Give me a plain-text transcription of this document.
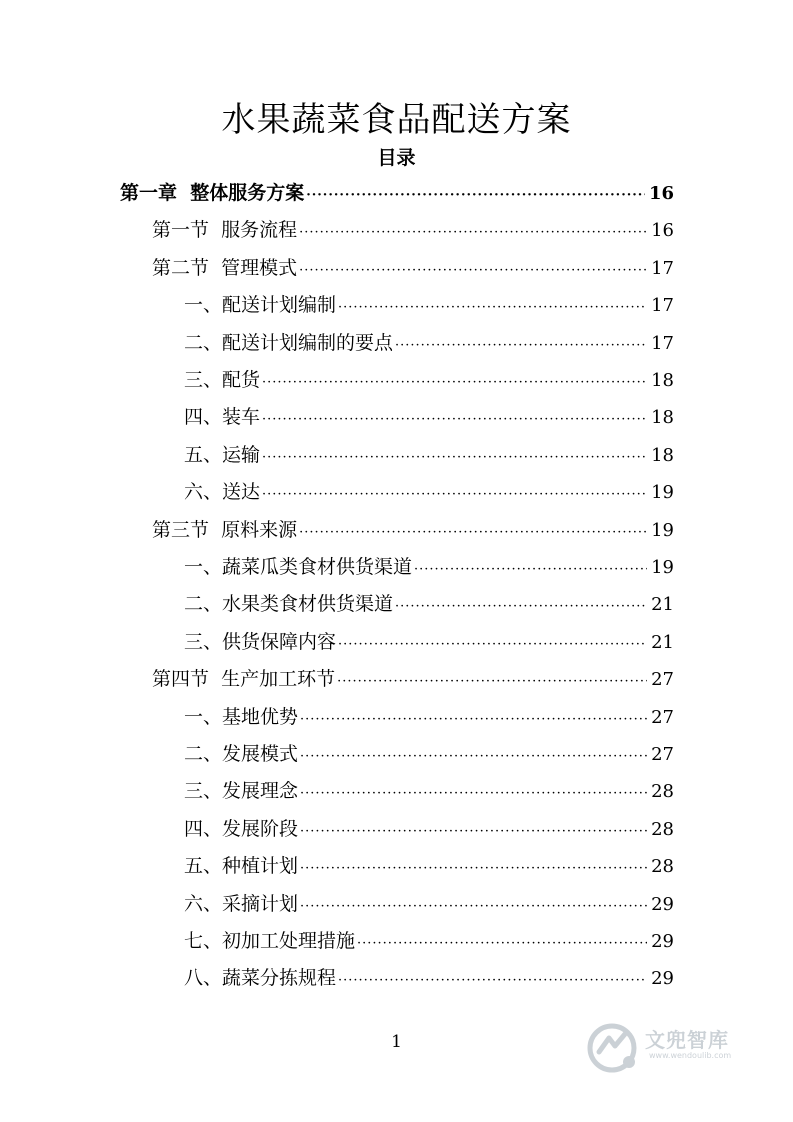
水果蔬菜食品配送方案
目录
第一章  整体服务方案 ·····	16
第一节  服务流程 ·····	16
第二节  管理模式 ·····	17
一、配送计划编制 ·····	17
二、配送计划编制的要点 ·····	17
三、配货 ·····	18
四、装车 ·····	18
五、运输 ·····	18
六、送达 ·····	19
第三节  原料来源 ·····	19
一、蔬菜瓜类食材供货渠道 ·····	19
二、水果类食材供货渠道 ·····	21
三、供货保障内容 ·····	21
第四节  生产加工环节 ·····	27
一、基地优势 ·····	27
二、发展模式 ·····	27
三、发展理念 ·····	28
四、发展阶段 ·····	28
五、种植计划 ·····	28
六、采摘计划 ·····	29
七、初加工处理措施 ·····	29
八、蔬菜分拣规程 ·····	29
1	文兜智库
www.wendoulib.com
